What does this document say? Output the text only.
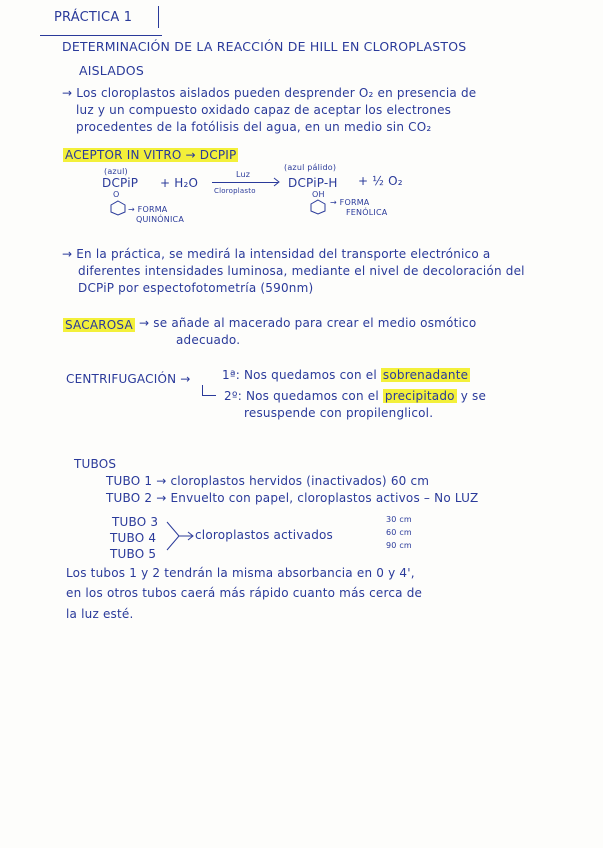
PRÁCTICA 1
DETERMINACIÓN DE LA REACCIÓN DE HILL EN CLOROPLASTOS
AISLADOS
→ Los cloroplastos aislados pueden desprender O₂ en presencia de
luz y un compuesto oxidado capaz de aceptar los electrones
procedentes de la fotólisis del agua, en un medio sin CO₂
ACEPTOR IN VITRO → DCPIP
(azul)	(azul pálido)
DCPiP + H₂O
Luz
Cloroplasto
DCPiP-H + ½ O₂
O
→ FORMA
QUINÓNICA
OH
→ FORMA
FENÓLICA
→ En la práctica, se medirá la intensidad del transporte electrónico a
diferentes intensidades luminosa, mediante el nivel de decoloración del
DCPiP por espectofotometría (590nm)
SACAROSA → se añade al macerado para crear el medio osmótico
adecuado.
CENTRIFUGACIÓN →	1ª: Nos quedamos con el sobrenadante
2º: Nos quedamos con el precipitado y se
resuspende con propilenglicol.
TUBOS
TUBO 1 → cloroplastos hervidos (inactivados) 60 cm
TUBO 2 → Envuelto con papel, cloroplastos activos – No LUZ
TUBO 3
TUBO 4
TUBO 5
cloroplastos activados
30 cm
60 cm
90 cm
Los tubos 1 y 2 tendrán la misma absorbancia en 0 y 4',
en los otros tubos caerá más rápido cuanto más cerca de
la luz esté.
